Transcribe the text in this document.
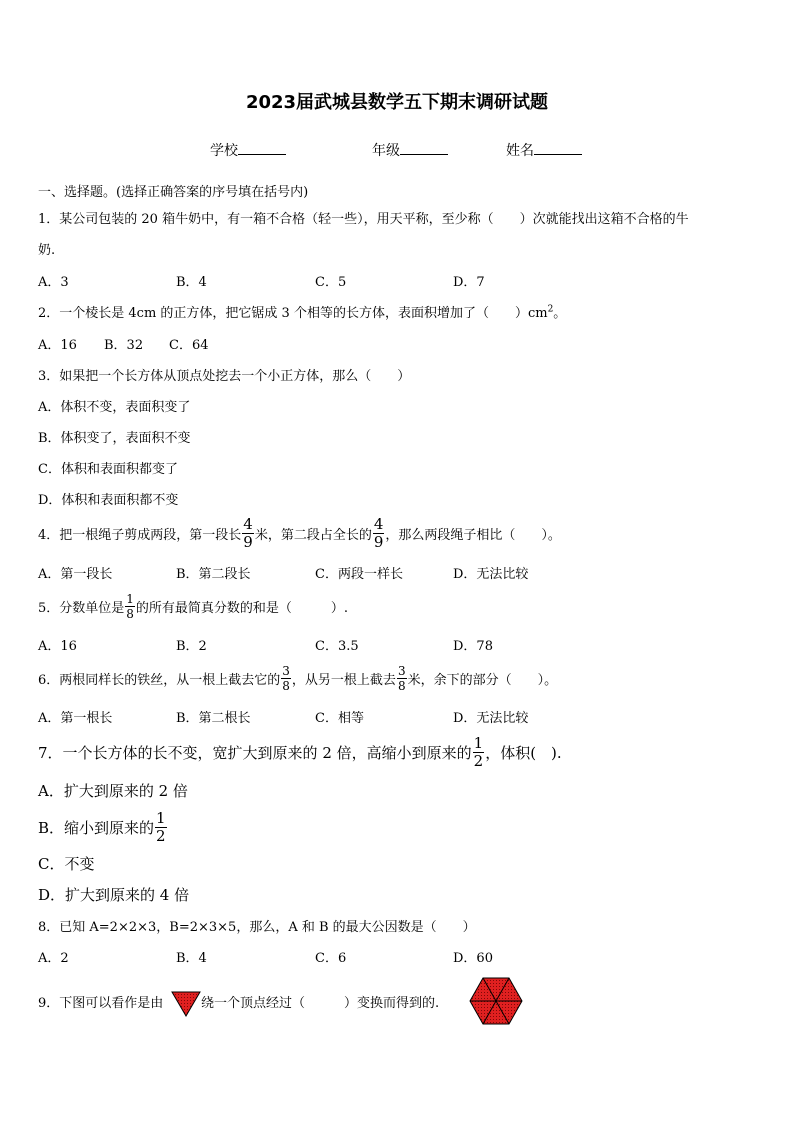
2023届武城县数学五下期末调研试题
学校	年级	姓名
一、选择题。(选择正确答案的序号填在括号内)
1．某公司包装的 20 箱牛奶中，有一箱不合格（轻一些），用天平称，至少称（　　）次就能找出这箱不合格的牛
奶.
A．3	B．4	C．5	D．7
2．一个棱长是 4cm 的正方体，把它锯成 3 个相等的长方体，表面积增加了（　　）$cm^2$。
A．16 B．32 C．64
3．如果把一个长方体从顶点处挖去一个小正方体，那么（　　）
A．体积不变，表面积变了
B．体积变了，表面积不变
C．体积和表面积都变了
D．体积和表面积都不变
4．把一根绳子剪成两段，第一段长 $\frac{4}{9}$ 米，第二段占全长的 $\frac{4}{9}$ ，那么两段绳子相比（　　）。
A．第一段长	B．第二段长	C．两段一样长	D．无法比较
5．分数单位是 $\frac{1}{8}$ 的所有最简真分数的和是（　　　）.
A．16	B．2	C．3.5	D．78
6．两根同样长的铁丝，从一根上截去它的 $\frac{3}{8}$ ，从另一根上截去 $\frac{3}{8}$ 米，余下的部分（　　）。
A．第一根长	B．第二根长	C．相等	D．无法比较
7．一个长方体的长不变，宽扩大到原来的 2 倍，高缩小到原来的 $\frac{1}{2}$ ，体积(　).
A．扩大到原来的 2 倍
B．缩小到原来的 $\frac{1}{2}$
C．不变
D．扩大到原来的 4 倍
8．已知 A=2×2×3，B=2×3×5，那么，A 和 B 的最大公因数是（　　）
A．2	B．4	C．6	D．60
9．下图可以看作是由	绕一个顶点经过（　　　）变换而得到的.
